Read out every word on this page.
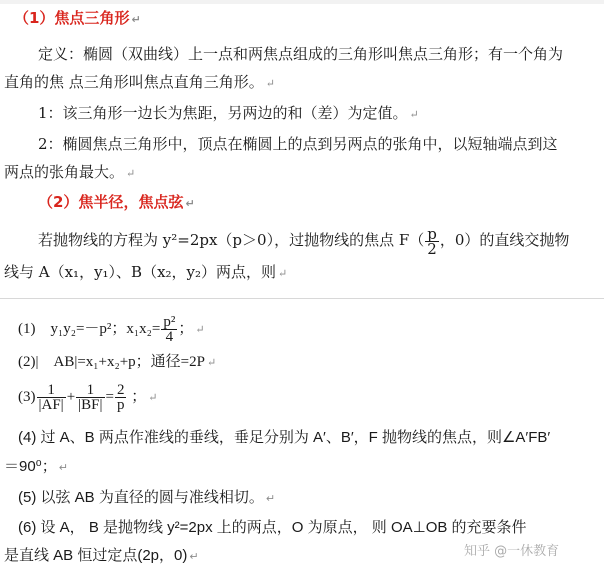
（1）焦点三角形 ↵
定义：椭圆（双曲线）上一点和两焦点组成的三角形叫焦点三角形；有一个角为
直角的焦 点三角形叫焦点直角三角形。 ↵
1：该三角形一边长为焦距，另两边的和（差）为定值。 ↵
2：椭圆焦点三角形中，顶点在椭圆上的点到另两点的张角中，以短轴端点到这
两点的张角最大。 ↵
（2）焦半径，焦点弦 ↵
若抛物线的方程为 y²=2px（p＞0），过抛物线的焦点 $F( \frac{p}{2}$ ，0）的直线交抛物
线与 A（x₁，y₁）、B（x₂，y₂）两点，则 ↵
(1) y₁y₂=－p²；$x_1x_2= \frac{\text{p²}}{4}$ ； ↵
(2)| AB|=x₁+x₂+p；通径=2P ↵
$(3) \frac{1}{|AF|} + \frac{1}{|BF|} = \frac{2}{p}$ ； ↵
(4) 过 A、B 两点作准线的垂线，垂足分别为 A′、B′，F 抛物线的焦点，则∠A′FB′
＝90⁰； ↵
(5) 以弦 AB 为直径的圆与准线相切。 ↵
(6) 设 A， B 是抛物线 y²=2px 上的两点，O 为原点， 则 OA⊥OB 的充要条件
是直线 AB 恒过定点(2p，0) ↵	知乎 @一休教育
